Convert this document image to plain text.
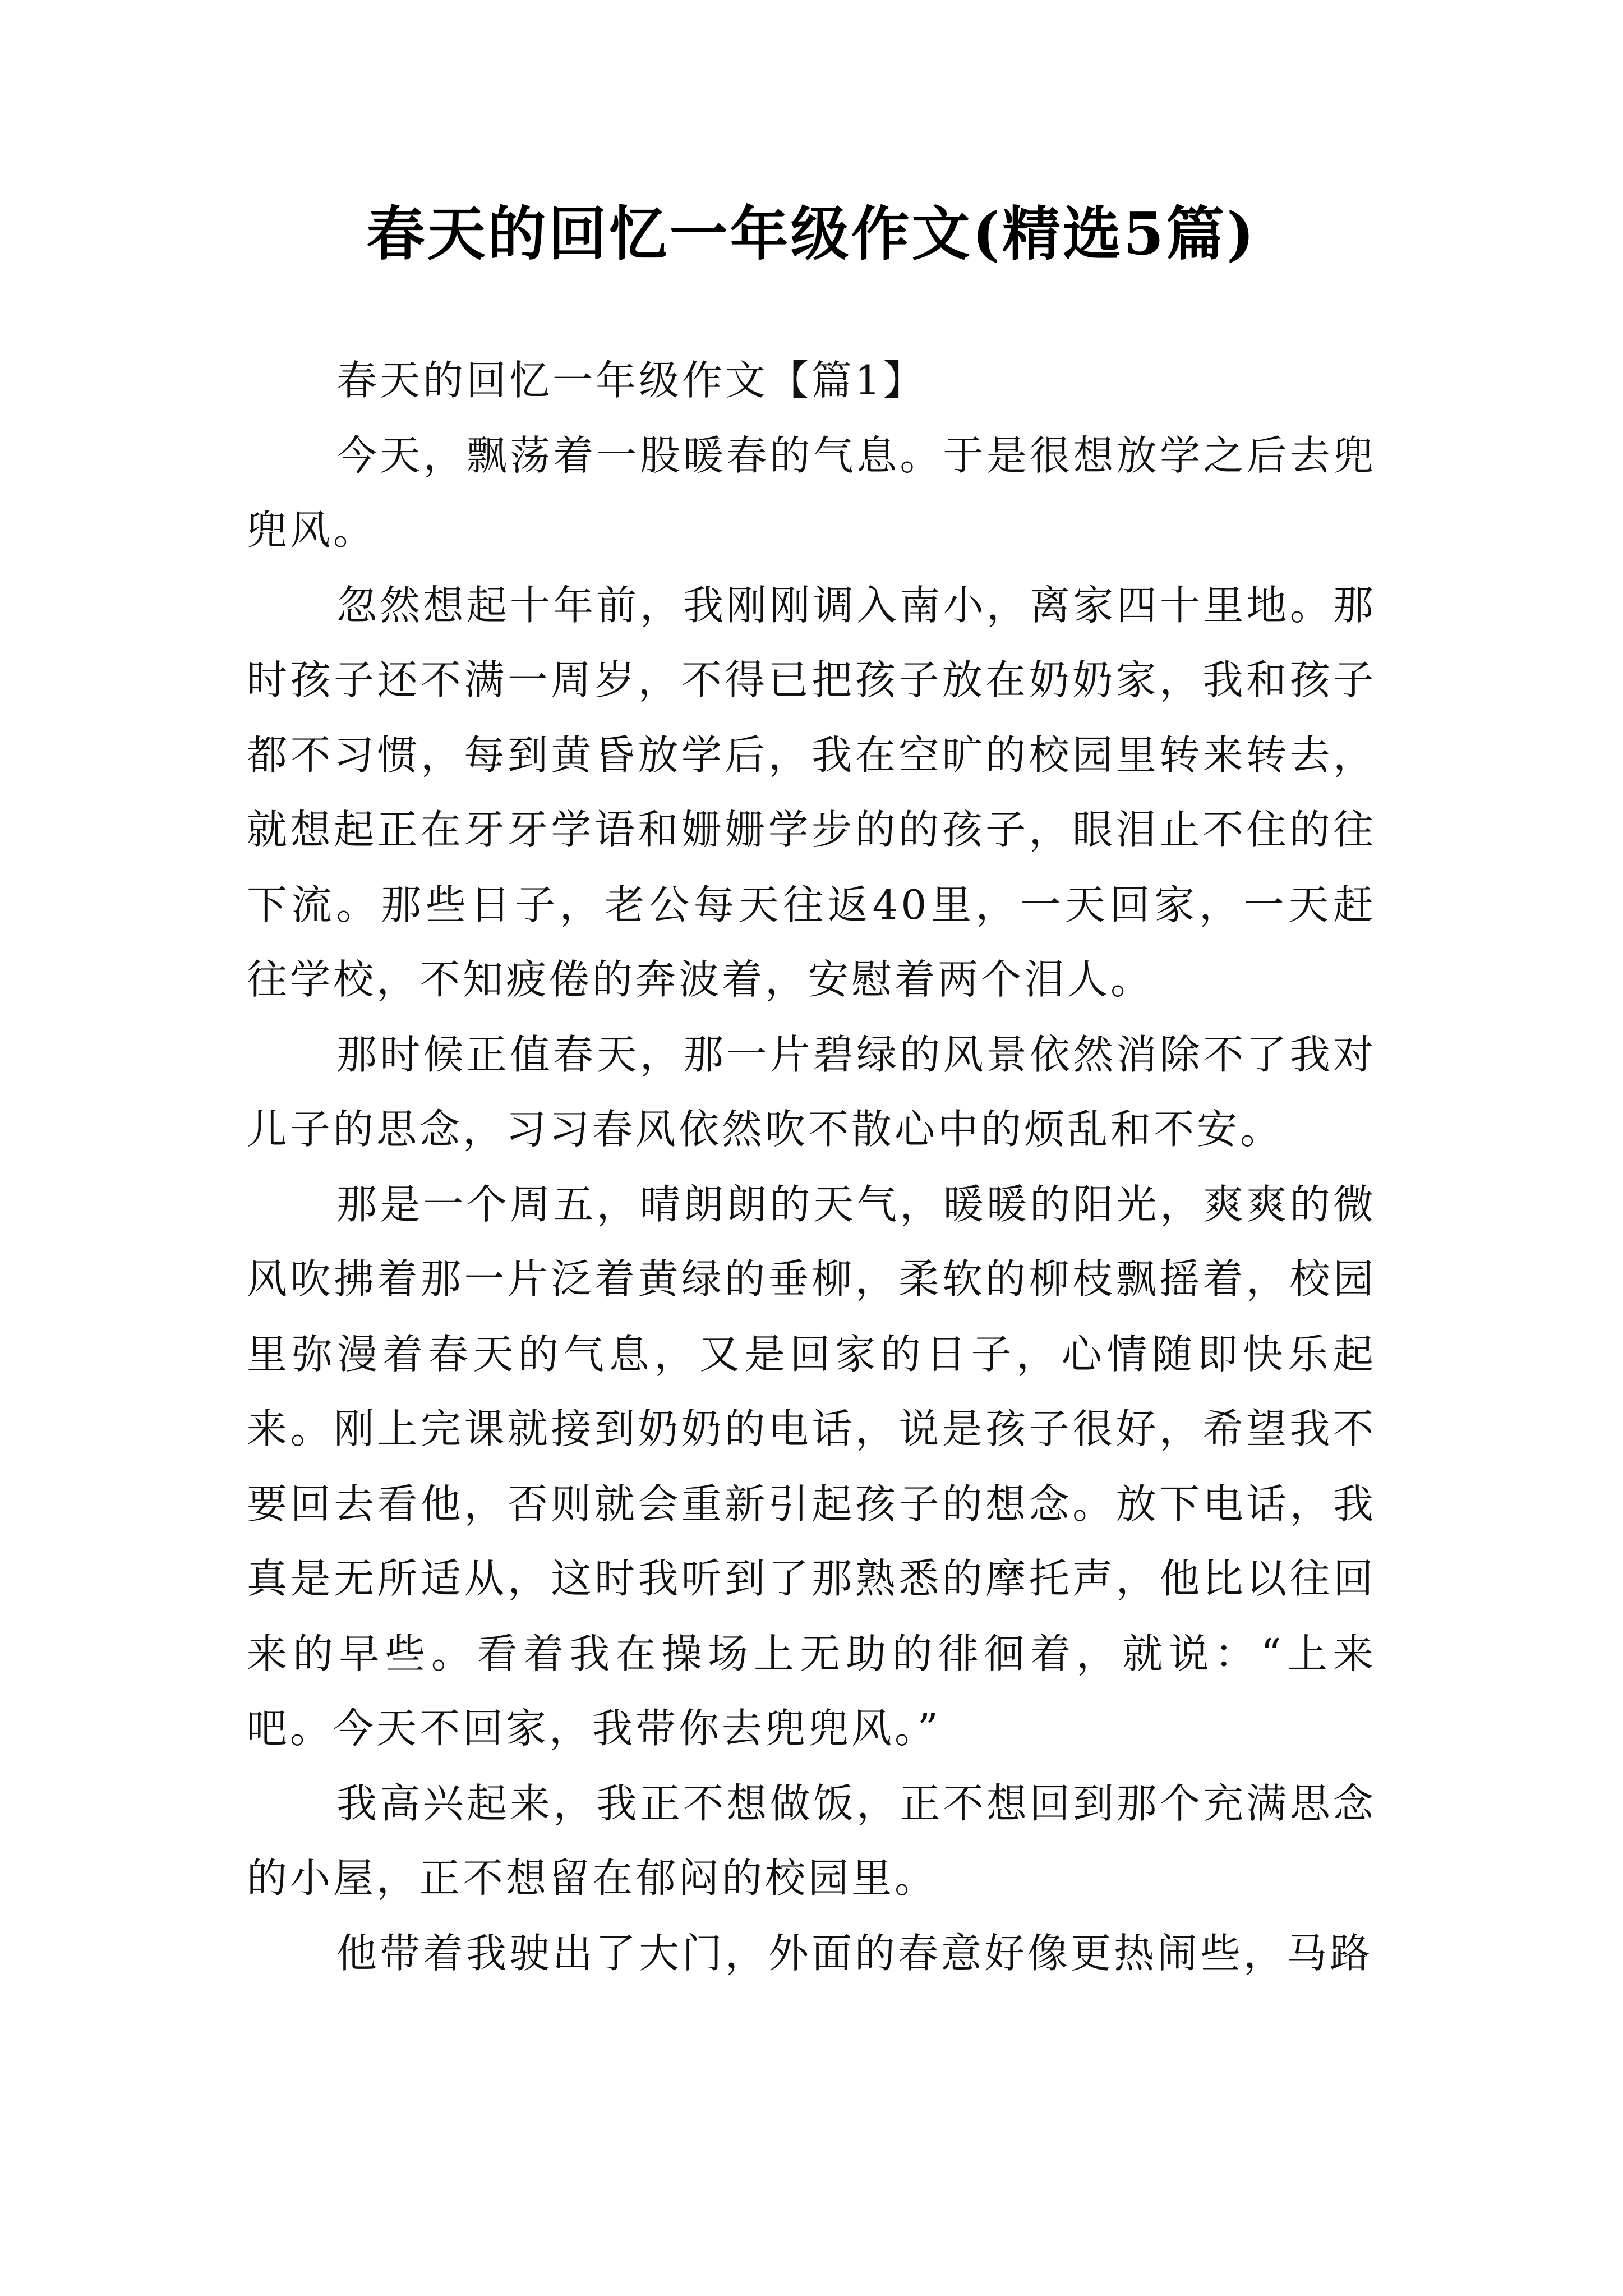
春天的回忆一年级作文(精选5篇)

春天的回忆一年级作文【篇1】

今天，飘荡着一股暖春的气息。于是很想放学之后去兜兜风。

忽然想起十年前，我刚刚调入南小，离家四十里地。那时孩子还不满一周岁，不得已把孩子放在奶奶家，我和孩子都不习惯，每到黄昏放学后，我在空旷的校园里转来转去，就想起正在牙牙学语和姗姗学步的的孩子，眼泪止不住的往下流。那些日子，老公每天往返40里，一天回家，一天赶往学校，不知疲倦的奔波着，安慰着两个泪人。

那时候正值春天，那一片碧绿的风景依然消除不了我对儿子的思念，习习春风依然吹不散心中的烦乱和不安。

那是一个周五，晴朗朗的天气，暖暖的阳光，爽爽的微风吹拂着那一片泛着黄绿的垂柳，柔软的柳枝飘摇着，校园里弥漫着春天的气息，又是回家的日子，心情随即快乐起来。刚上完课就接到奶奶的电话，说是孩子很好，希望我不要回去看他，否则就会重新引起孩子的想念。放下电话，我真是无所适从，这时我听到了那熟悉的摩托声，他比以往回来的早些。看着我在操场上无助的徘徊着，就说：“上来吧。今天不回家，我带你去兜兜风。”

我高兴起来，我正不想做饭，正不想回到那个充满思念的小屋，正不想留在郁闷的校园里。

他带着我驶出了大门，外面的春意好像更热闹些，马路
